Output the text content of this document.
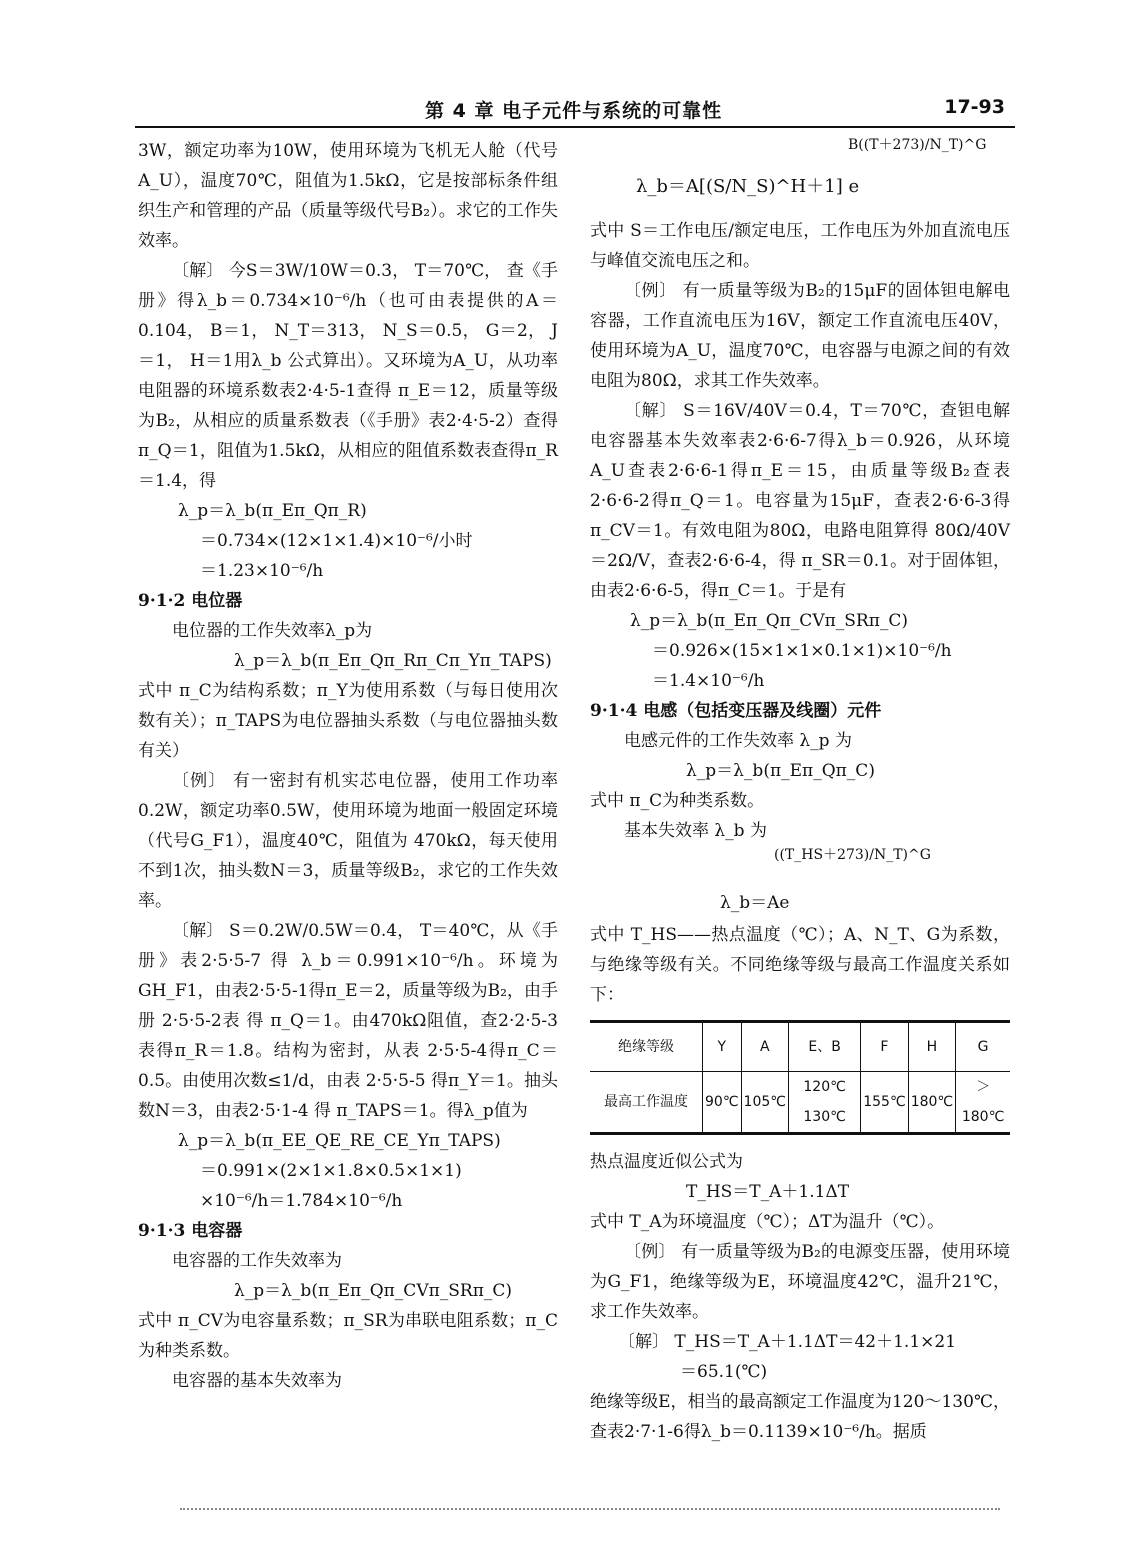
第 4 章 电子元件与系统的可靠性	17-93

3W，额定功率为10W，使用环境为飞机无人舱（代号A_U），温度70℃，阻值为1.5kΩ，它是按部标条件组织生产和管理的产品（质量等级代号B₂）。求它的工作失效率。

〔解〕 今S＝3W/10W＝0.3， T＝70℃， 查《手册》得λ_b＝0.734×10⁻⁶/h（也可由表提供的A＝0.104， B＝1， N_T＝313， N_S＝0.5， G＝2， J＝1， H＝1用λ_b 公式算出）。又环境为A_U，从功率电阻器的环境系数表2·4·5-1查得 π_E＝12，质量等级为B₂，从相应的质量系数表（《手册》表2·4·5-2）查得π_Q＝1，阻值为1.5kΩ，从相应的阻值系数表查得π_R＝1.4，得

λ_p＝λ_b(π_Eπ_Qπ_R)

＝0.734×(12×1×1.4)×10⁻⁶/小时

＝1.23×10⁻⁶/h

9·1·2 电位器

电位器的工作失效率λ_p为

λ_p＝λ_b(π_Eπ_Qπ_Rπ_Cπ_Yπ_TAPS)

式中 π_C为结构系数；π_Y为使用系数（与每日使用次数有关）；π_TAPS为电位器抽头系数（与电位器抽头数有关）

〔例〕 有一密封有机实芯电位器，使用工作功率0.2W，额定功率0.5W，使用环境为地面一般固定环境（代号G_F1），温度40℃，阻值为 470kΩ，每天使用不到1次，抽头数N＝3，质量等级B₂，求它的工作失效率。

〔解〕 S＝0.2W/0.5W＝0.4， T＝40℃，从《手册》表2·5·5-7 得 λ_b＝0.991×10⁻⁶/h。环境为GH_F1，由表2·5·5-1得π_E＝2，质量等级为B₂，由手册 2·5·5-2表 得 π_Q＝1。由470kΩ阻值，查2·2·5-3表得π_R＝1.8。结构为密封，从表 2·5·5-4得π_C＝0.5。由使用次数≤1/d，由表 2·5·5-5 得π_Y＝1。抽头数N＝3，由表2·5·1-4 得 π_TAPS＝1。得λ_p值为

λ_p＝λ_b(π_EE_QE_RE_CE_Yπ_TAPS)

＝0.991×(2×1×1.8×0.5×1×1)

×10⁻⁶/h＝1.784×10⁻⁶/h

9·1·3 电容器

电容器的工作失效率为

λ_p＝λ_b(π_Eπ_Qπ_CVπ_SRπ_C)

式中 π_CV为电容量系数；π_SR为串联电阻系数；π_C为种类系数。

电容器的基本失效率为

λ_b＝A[(S/N_S)^H＋1] e
B((T＋273)/N_T)^G

式中 S＝工作电压/额定电压，工作电压为外加直流电压与峰值交流电压之和。

〔例〕 有一质量等级为B₂的15μF的固体钽电解电容器，工作直流电压为16V，额定工作直流电压40V，使用环境为A_U，温度70℃，电容器与电源之间的有效电阻为80Ω，求其工作失效率。

〔解〕 S＝16V/40V＝0.4，T＝70℃，查钽电解电容器基本失效率表2·6·6-7得λ_b＝0.926，从环境A_U查表2·6·6-1得π_E＝15，由质量等级B₂查表2·6·6-2得π_Q＝1。电容量为15μF，查表2·6·6-3得π_CV＝1。有效电阻为80Ω，电路电阻算得 80Ω/40V＝2Ω/V，查表2·6·6-4，得 π_SR＝0.1。对于固体钽，由表2·6·6-5，得π_C＝1。于是有

λ_p＝λ_b(π_Eπ_Qπ_CVπ_SRπ_C)

＝0.926×(15×1×1×0.1×1)×10⁻⁶/h

＝1.4×10⁻⁶/h

9·1·4 电感（包括变压器及线圈）元件

电感元件的工作失效率 λ_p 为

λ_p＝λ_b(π_Eπ_Qπ_C)

式中 π_C为种类系数。

基本失效率 λ_b 为

λ_b＝Ae
((T_HS＋273)/N_T)^G

式中 T_HS——热点温度（℃）；A、N_T、G为系数，与绝缘等级有关。不同绝缘等级与最高工作温度关系如下：

绝缘等级	Y	A	E、B	F	H	G
最高工作温度	90℃	105℃	120℃ 130℃	155℃	180℃	＞180℃

热点温度近似公式为

T_HS＝T_A＋1.1ΔT

式中 T_A为环境温度（℃）；ΔT为温升（℃）。

〔例〕 有一质量等级为B₂的电源变压器，使用环境为G_F1，绝缘等级为E，环境温度42℃，温升21℃，求工作失效率。

〔解〕 T_HS＝T_A＋1.1ΔT＝42＋1.1×21

＝65.1(℃)

绝缘等级E，相当的最高额定工作温度为120～130℃，查表2·7·1-6得λ_b＝0.1139×10⁻⁶/h。据质
